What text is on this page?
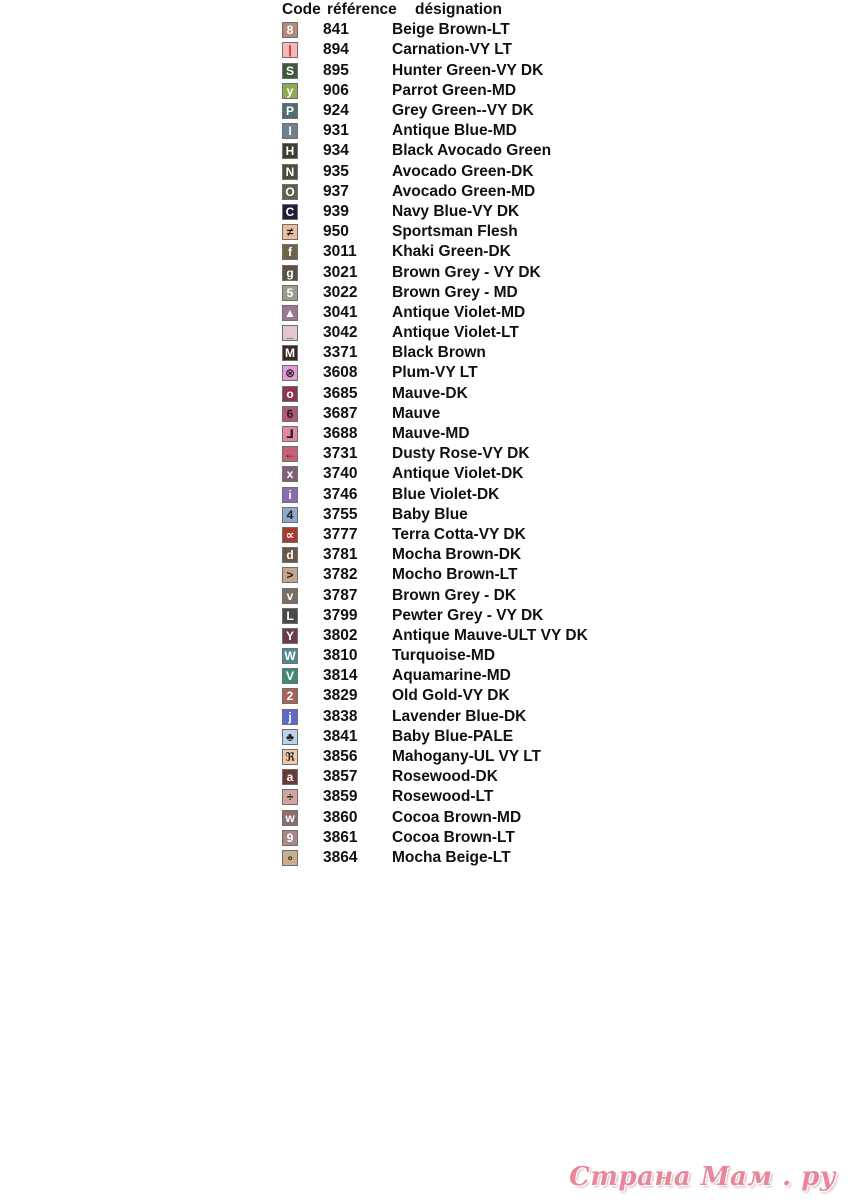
Code référence	désignation
8	841	Beige Brown-LT
|	894	Carnation-VY LT
S 895	Hunter Green-VY DK
y	906	Parrot Green-MD
P 924	Grey Green--VY DK
I	931	Antique Blue-MD
H 934	Black Avocado Green
N 935	Avocado Green-DK
O 937	Avocado Green-MD
C 939	Navy Blue-VY DK
≠	950	Sportsman Flesh
f	3011	Khaki Green-DK
g 3021	Brown Grey - VY DK
5	3022	Brown Grey - MD
▲ 3041	Antique Violet-MD
_	3042	Antique Violet-LT
M 3371	Black Brown
⊗ 3608	Plum-VY LT
o 3685	Mauve-DK
6	3687	Mauve
⅃ 3688	Mauve-MD
← 3731	Dusty Rose-VY DK
x	3740	Antique Violet-DK
i	3746	Blue Violet-DK
4	3755	Baby Blue
∝ 3777	Terra Cotta-VY DK
d 3781	Mocha Brown-DK
> 3782	Mocho Brown-LT
v	3787	Brown Grey - DK
L 3799	Pewter Grey - VY DK
Y 3802	Antique Mauve-ULT VY DK
W 3810	Turquoise-MD
V 3814	Aquamarine-MD
2	3829	Old Gold-VY DK
j	3838	Lavender Blue-DK
♣ 3841	Baby Blue-PALE
ℜ 3856	Mahogany-UL VY LT
a	3857	Rosewood-DK
÷	3859	Rosewood-LT
w 3860	Cocoa Brown-MD
9	3861	Cocoa Brown-LT
∘ 3864	Mocha Beige-LT
Страна Мам . ру
